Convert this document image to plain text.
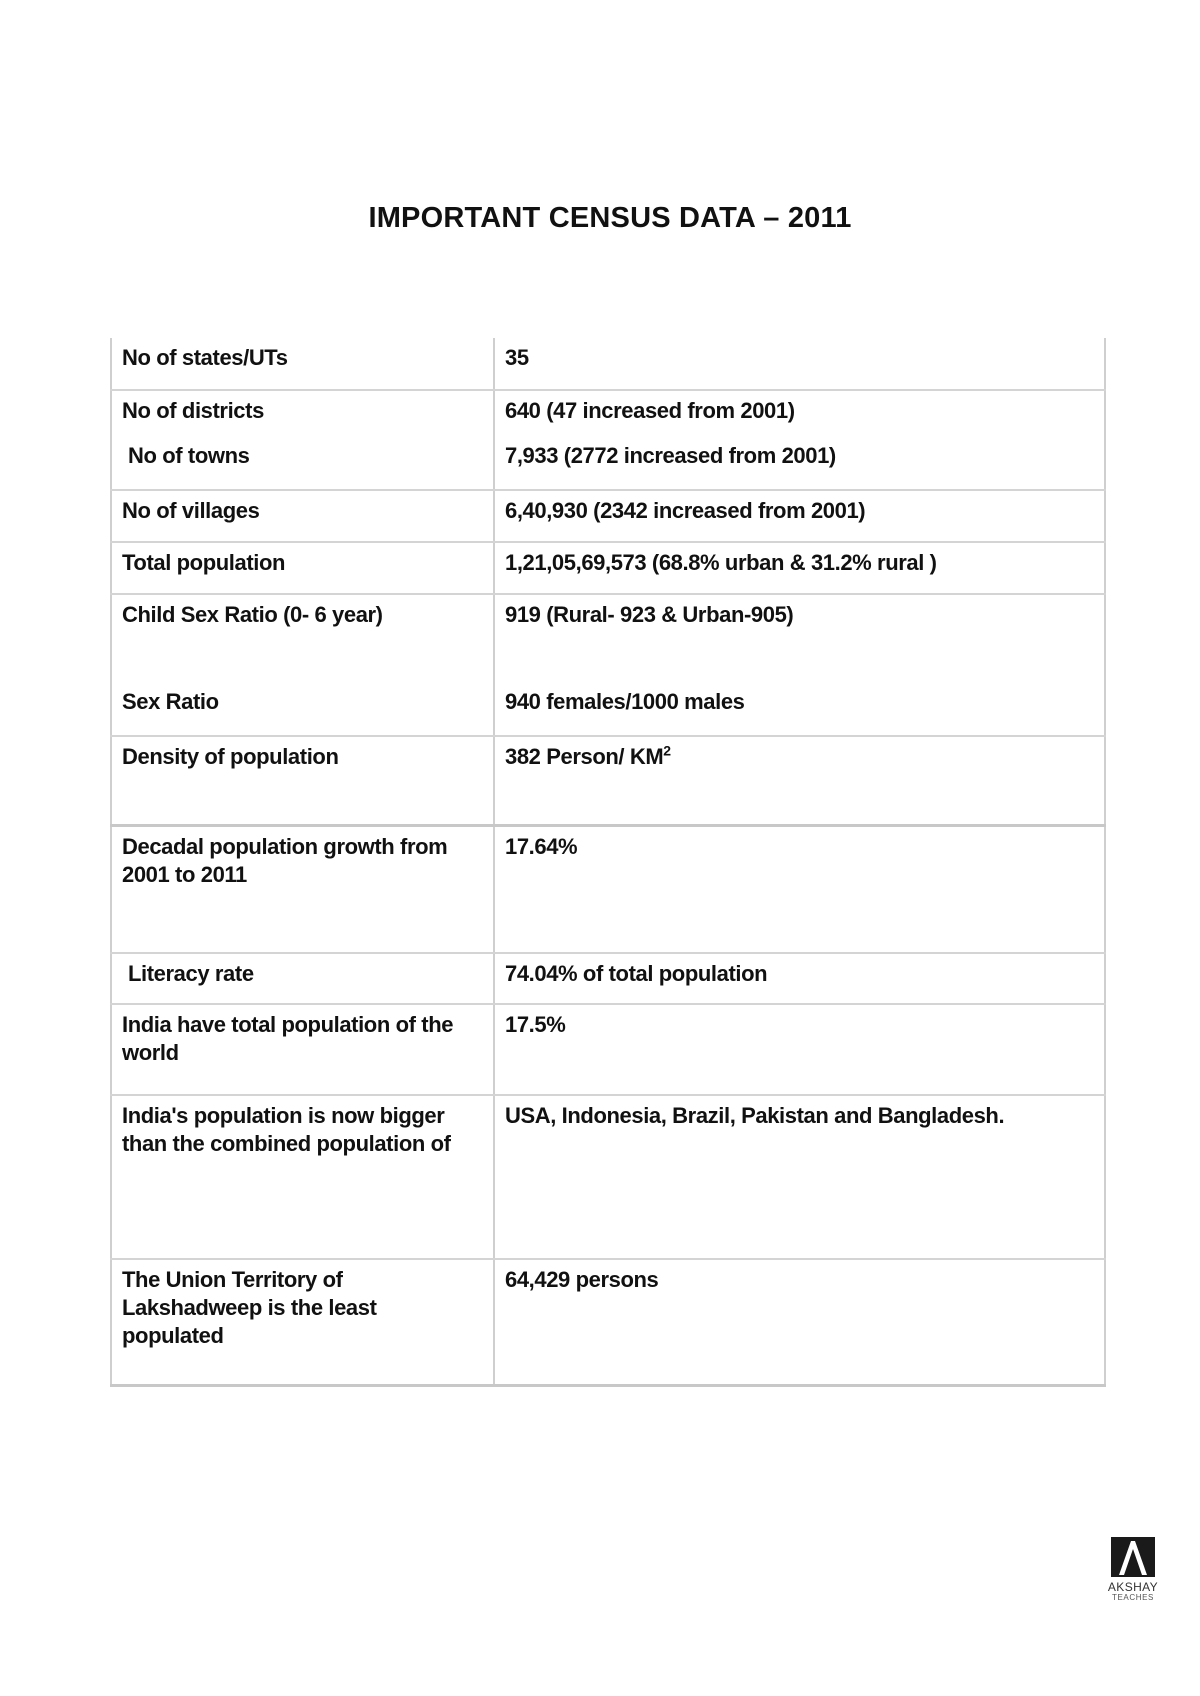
IMPORTANT CENSUS DATA – 2011
No of states/UTs	35
No of districts	640 (47 increased from 2001)
No of towns	7,933 (2772 increased from 2001)
No of villages	6,40,930 (2342 increased from 2001)
Total population	1,21,05,69,573 (68.8% urban & 31.2% rural )
Child Sex Ratio (0- 6 year)	919 (Rural- 923 & Urban-905)
Sex Ratio	940 females/1000 males
Density of population	382 Person/ $KM^2$
Decadal population growth from 2001 to 2011	17.64%
Literacy rate	74.04% of total population
India have total population of the world	17.5%
India's population is now bigger than the combined population of	USA, Indonesia, Brazil, Pakistan and Bangladesh.
The Union Territory of Lakshadweep is the least populated	64,429 persons
AKSHAY
TEACHES
